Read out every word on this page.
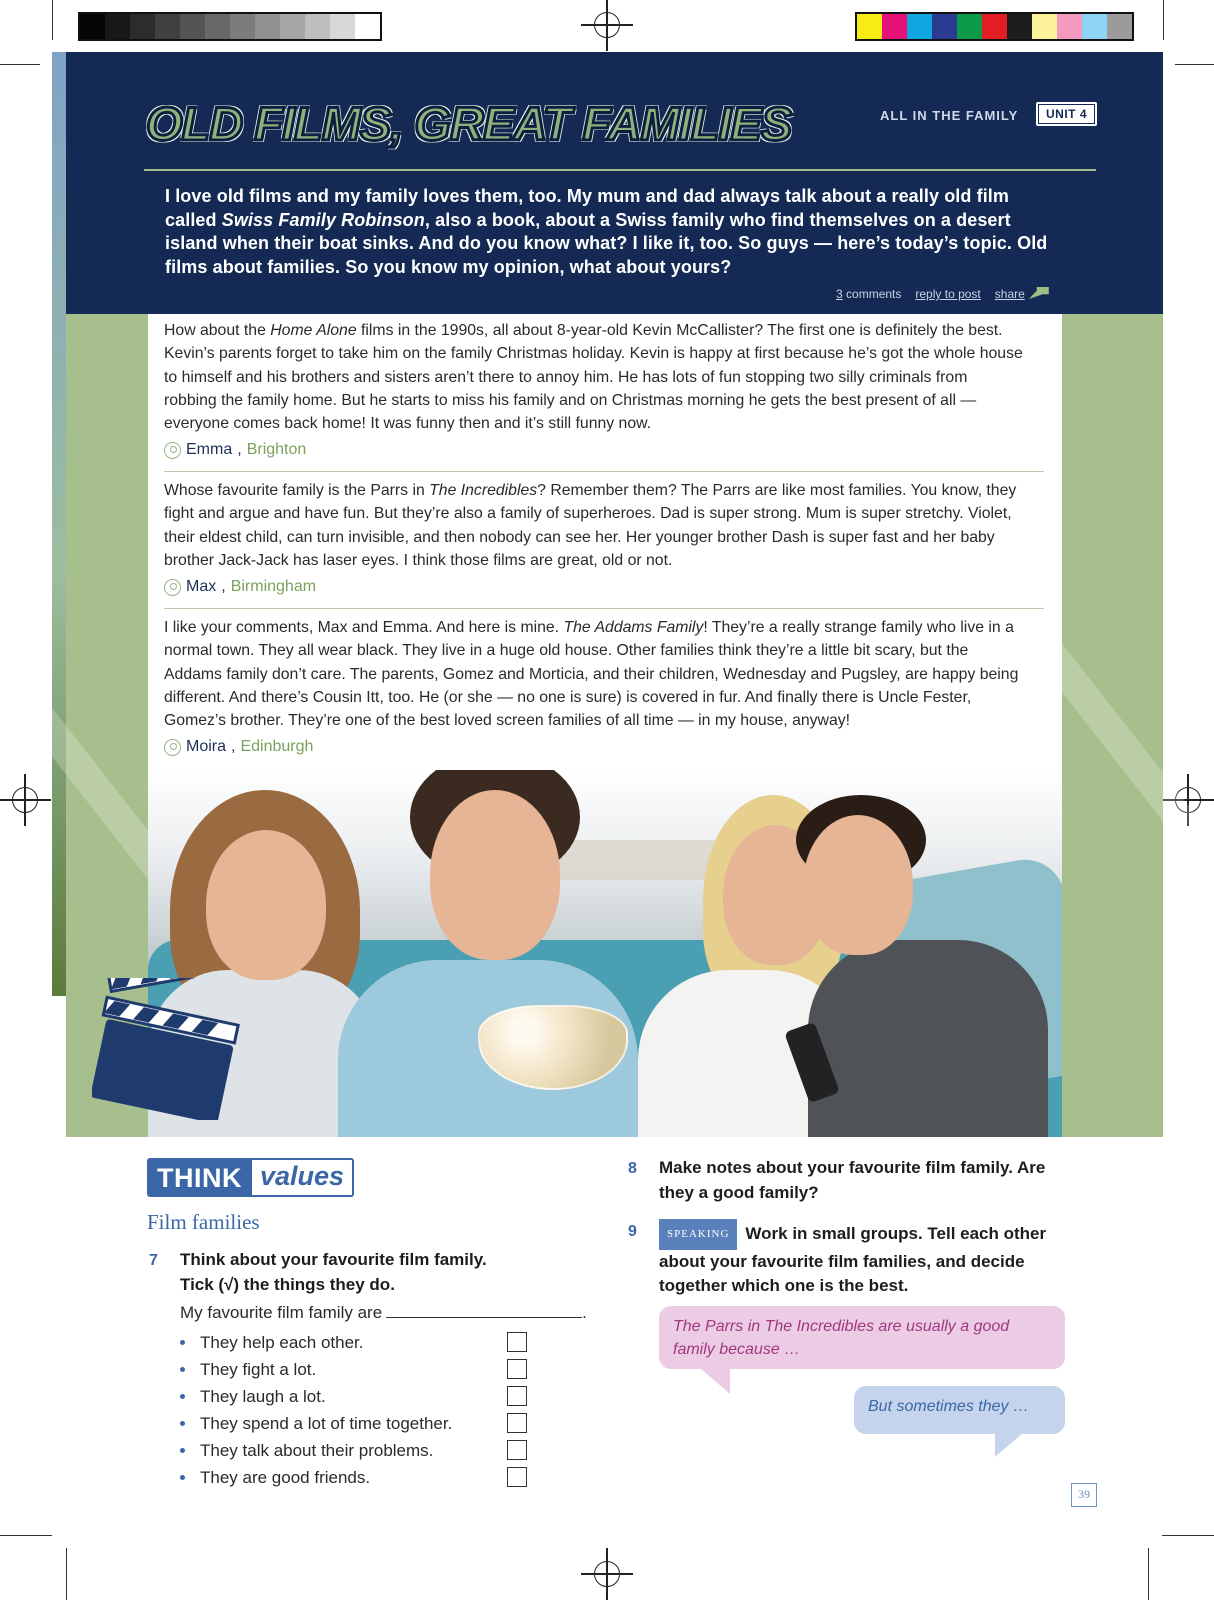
OLD FILMS, GREAT FAMILIES	ALL IN THE FAMILY	UNIT 4
I love old films and my family loves them, too. My mum and dad always talk about a really old film called Swiss Family Robinson, also a book, about a Swiss family who find themselves on a desert island when their boat sinks. And do you know what? I like it, too. So guys — here’s today’s topic. Old films about families. So you know my opinion, what about yours?
3 comments reply to post share
How about the Home Alone films in the 1990s, all about 8-year-old Kevin McCallister? The first one is definitely the best. Kevin’s parents forget to take him on the family Christmas holiday. Kevin is happy at first because he’s got the whole house to himself and his brothers and sisters aren’t there to annoy him. He has lots of fun stopping two silly criminals from robbing the family home. But he starts to miss his family and on Christmas morning he gets the best present of all — everyone comes back home! It was funny then and it’s still funny now.
Emma , Brighton
Whose favourite family is the Parrs in The Incredibles? Remember them? The Parrs are like most families. You know, they fight and argue and have fun. But they’re also a family of superheroes. Dad is super strong. Mum is super stretchy. Violet, their eldest child, can turn invisible, and then nobody can see her. Her younger brother Dash is super fast and her baby brother Jack-Jack has laser eyes. I think those films are great, old or not.
Max , Birmingham
I like your comments, Max and Emma. And here is mine. The Addams Family! They’re a really strange family who live in a normal town. They all wear black. They live in a huge old house. Other families think they’re a little bit scary, but the Addams family don’t care. The parents, Gomez and Morticia, and their children, Wednesday and Pugsley, are happy being different. And there’s Cousin Itt, too. He (or she — no one is sure) is covered in fur. And finally there is Uncle Fester, Gomez’s brother. They’re one of the best loved screen families of all time — in my house, anyway!
Moira , Edinburgh
THINK values
Film families
7 Think about your favourite film family.
Tick (√) the things they do.
My favourite film family are	.
They help each other.
They fight a lot.
They laugh a lot.
They spend a lot of time together.
They talk about their problems.
They are good friends.
8 Make notes about your favourite film family. Are they a good family?
9	SPEAKING Work in small groups. Tell each other about your favourite film families, and decide together which one is the best.
The Parrs in The Incredibles are usually a good family because …
But sometimes they …
39
